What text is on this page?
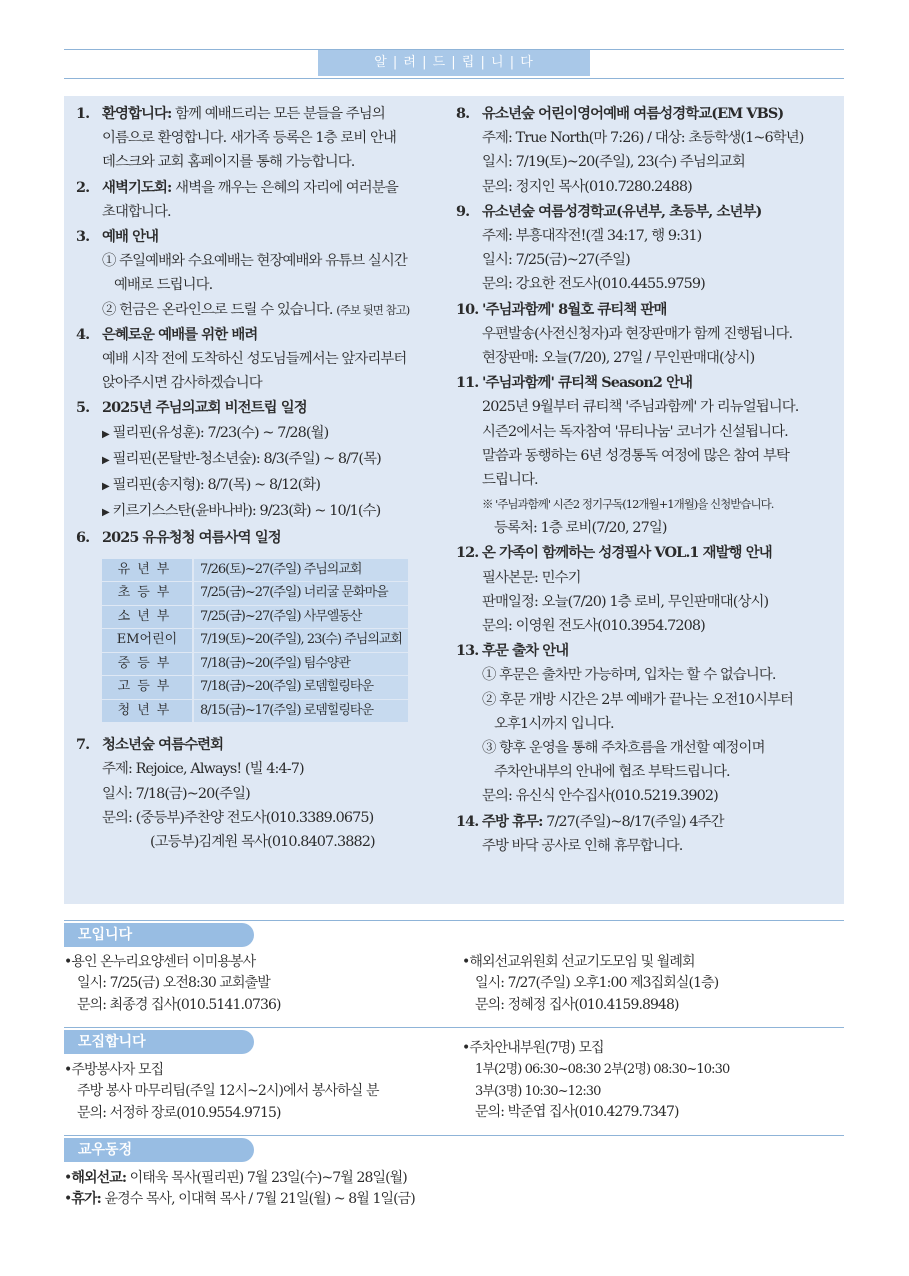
알 | 려 | 드 | 립 | 니 | 다
1. 환영합니다: 함께 예배드리는 모든 분들을 주님의
이름으로 환영합니다. 새가족 등록은 1층 로비 안내
데스크와 교회 홈페이지를 통해 가능합니다.
2. 새벽기도회: 새벽을 깨우는 은혜의 자리에 여러분을
초대합니다.
3. 예배 안내
① 주일예배와 수요예배는 현장예배와 유튜브 실시간
예배로 드립니다.
② 헌금은 온라인으로 드릴 수 있습니다. (주보 뒷면 참고)
4. 은혜로운 예배를 위한 배려
예배 시작 전에 도착하신 성도님들께서는 앞자리부터
앉아주시면 감사하겠습니다
5. 2025년 주님의교회 비전트립 일정
▶ 필리핀(유성훈): 7/23(수) ~ 7/28(월)
▶ 필리핀(몬탈반-청소년숲): 8/3(주일) ~ 8/7(목)
▶ 필리핀(송지형): 8/7(목) ~ 8/12(화)
▶ 키르기스스탄(윤바나바): 9/23(화) ~ 10/1(수)
6. 2025 유유청청 여름사역 일정
유년부	7/26(토)~27(주일) 주님의교회
초등부	7/25(금)~27(주일) 너리굴 문화마을
소년부	7/25(금)~27(주일) 사무엘동산
EM어린이	7/19(토)~20(주일), 23(수) 주님의교회
중등부	7/18(금)~20(주일) 팀수양관
고등부	7/18(금)~20(주일) 로뎀힐링타운
청년부	8/15(금)~17(주일) 로뎀힐링타운
7. 청소년숲 여름수련회
주제: Rejoice, Always! (빌 4:4-7)
일시: 7/18(금)~20(주일)
문의: (중등부)주찬양 전도사(010.3389.0675)
(고등부)김계원 목사(010.8407.3882)
8. 유소년숲 어린이영어예배 여름성경학교(EM VBS)
주제: True North(마 7:26) / 대상: 초등학생(1~6학년)
일시: 7/19(토)~20(주일), 23(수) 주님의교회
문의: 정지인 목사(010.7280.2488)
9. 유소년숲 여름성경학교(유년부, 초등부, 소년부)
주제: 부흥대작전!(겔 34:17, 행 9:31)
일시: 7/25(금)~27(주일)
문의: 강요한 전도사(010.4455.9759)
10. '주님과함께' 8월호 큐티책 판매
우편발송(사전신청자)과 현장판매가 함께 진행됩니다.
현장판매: 오늘(7/20), 27일 / 무인판매대(상시)
11. '주님과함께' 큐티책 Season2 안내
2025년 9월부터 큐티책 '주님과함께' 가 리뉴얼됩니다.
시즌2에서는 독자참여 '뮤티나눔' 코너가 신설됩니다.
말씀과 동행하는 6년 성경통독 여정에 많은 참여 부탁
드립니다.
※ '주님과함께' 시즌2 정기구독(12개월+1개월)을 신청받습니다.
등록처: 1층 로비(7/20, 27일)
12. 온 가족이 함께하는 성경필사 VOL.1 재발행 안내
필사본문: 민수기
판매일정: 오늘(7/20) 1층 로비, 무인판매대(상시)
문의: 이영원 전도사(010.3954.7208)
13. 후문 출차 안내
① 후문은 출차만 가능하며, 입차는 할 수 없습니다.
② 후문 개방 시간은 2부 예배가 끝나는 오전10시부터
오후1시까지 입니다.
③ 향후 운영을 통해 주차흐름을 개선할 예정이며
주차안내부의 안내에 협조 부탁드립니다.
문의: 유신식 안수집사(010.5219.3902)
14. 주방 휴무: 7/27(주일)~8/17(주일) 4주간
주방 바닥 공사로 인해 휴무합니다.
모입니다
•용인 온누리요양센터 이미용봉사
일시: 7/25(금) 오전8:30 교회출발
문의: 최종경 집사(010.5141.0736)
•해외선교위원회 선교기도모임 및 월례회
일시: 7/27(주일) 오후1:00 제3집회실(1층)
문의: 정혜정 집사(010.4159.8948)
모집합니다
•주방봉사자 모집
주방 봉사 마무리팀(주일 12시~2시)에서 봉사하실 분
문의: 서정하 장로(010.9554.9715)
•주차안내부원(7명) 모집
1부(2명) 06:30~08:30 2부(2명) 08:30~10:30
3부(3명) 10:30~12:30
문의: 박준엽 집사(010.4279.7347)
교우동정
•해외선교: 이태욱 목사(필리핀) 7월 23일(수)~7월 28일(월)
•휴가: 윤경수 목사, 이대혁 목사 / 7월 21일(월) ~ 8월 1일(금)
